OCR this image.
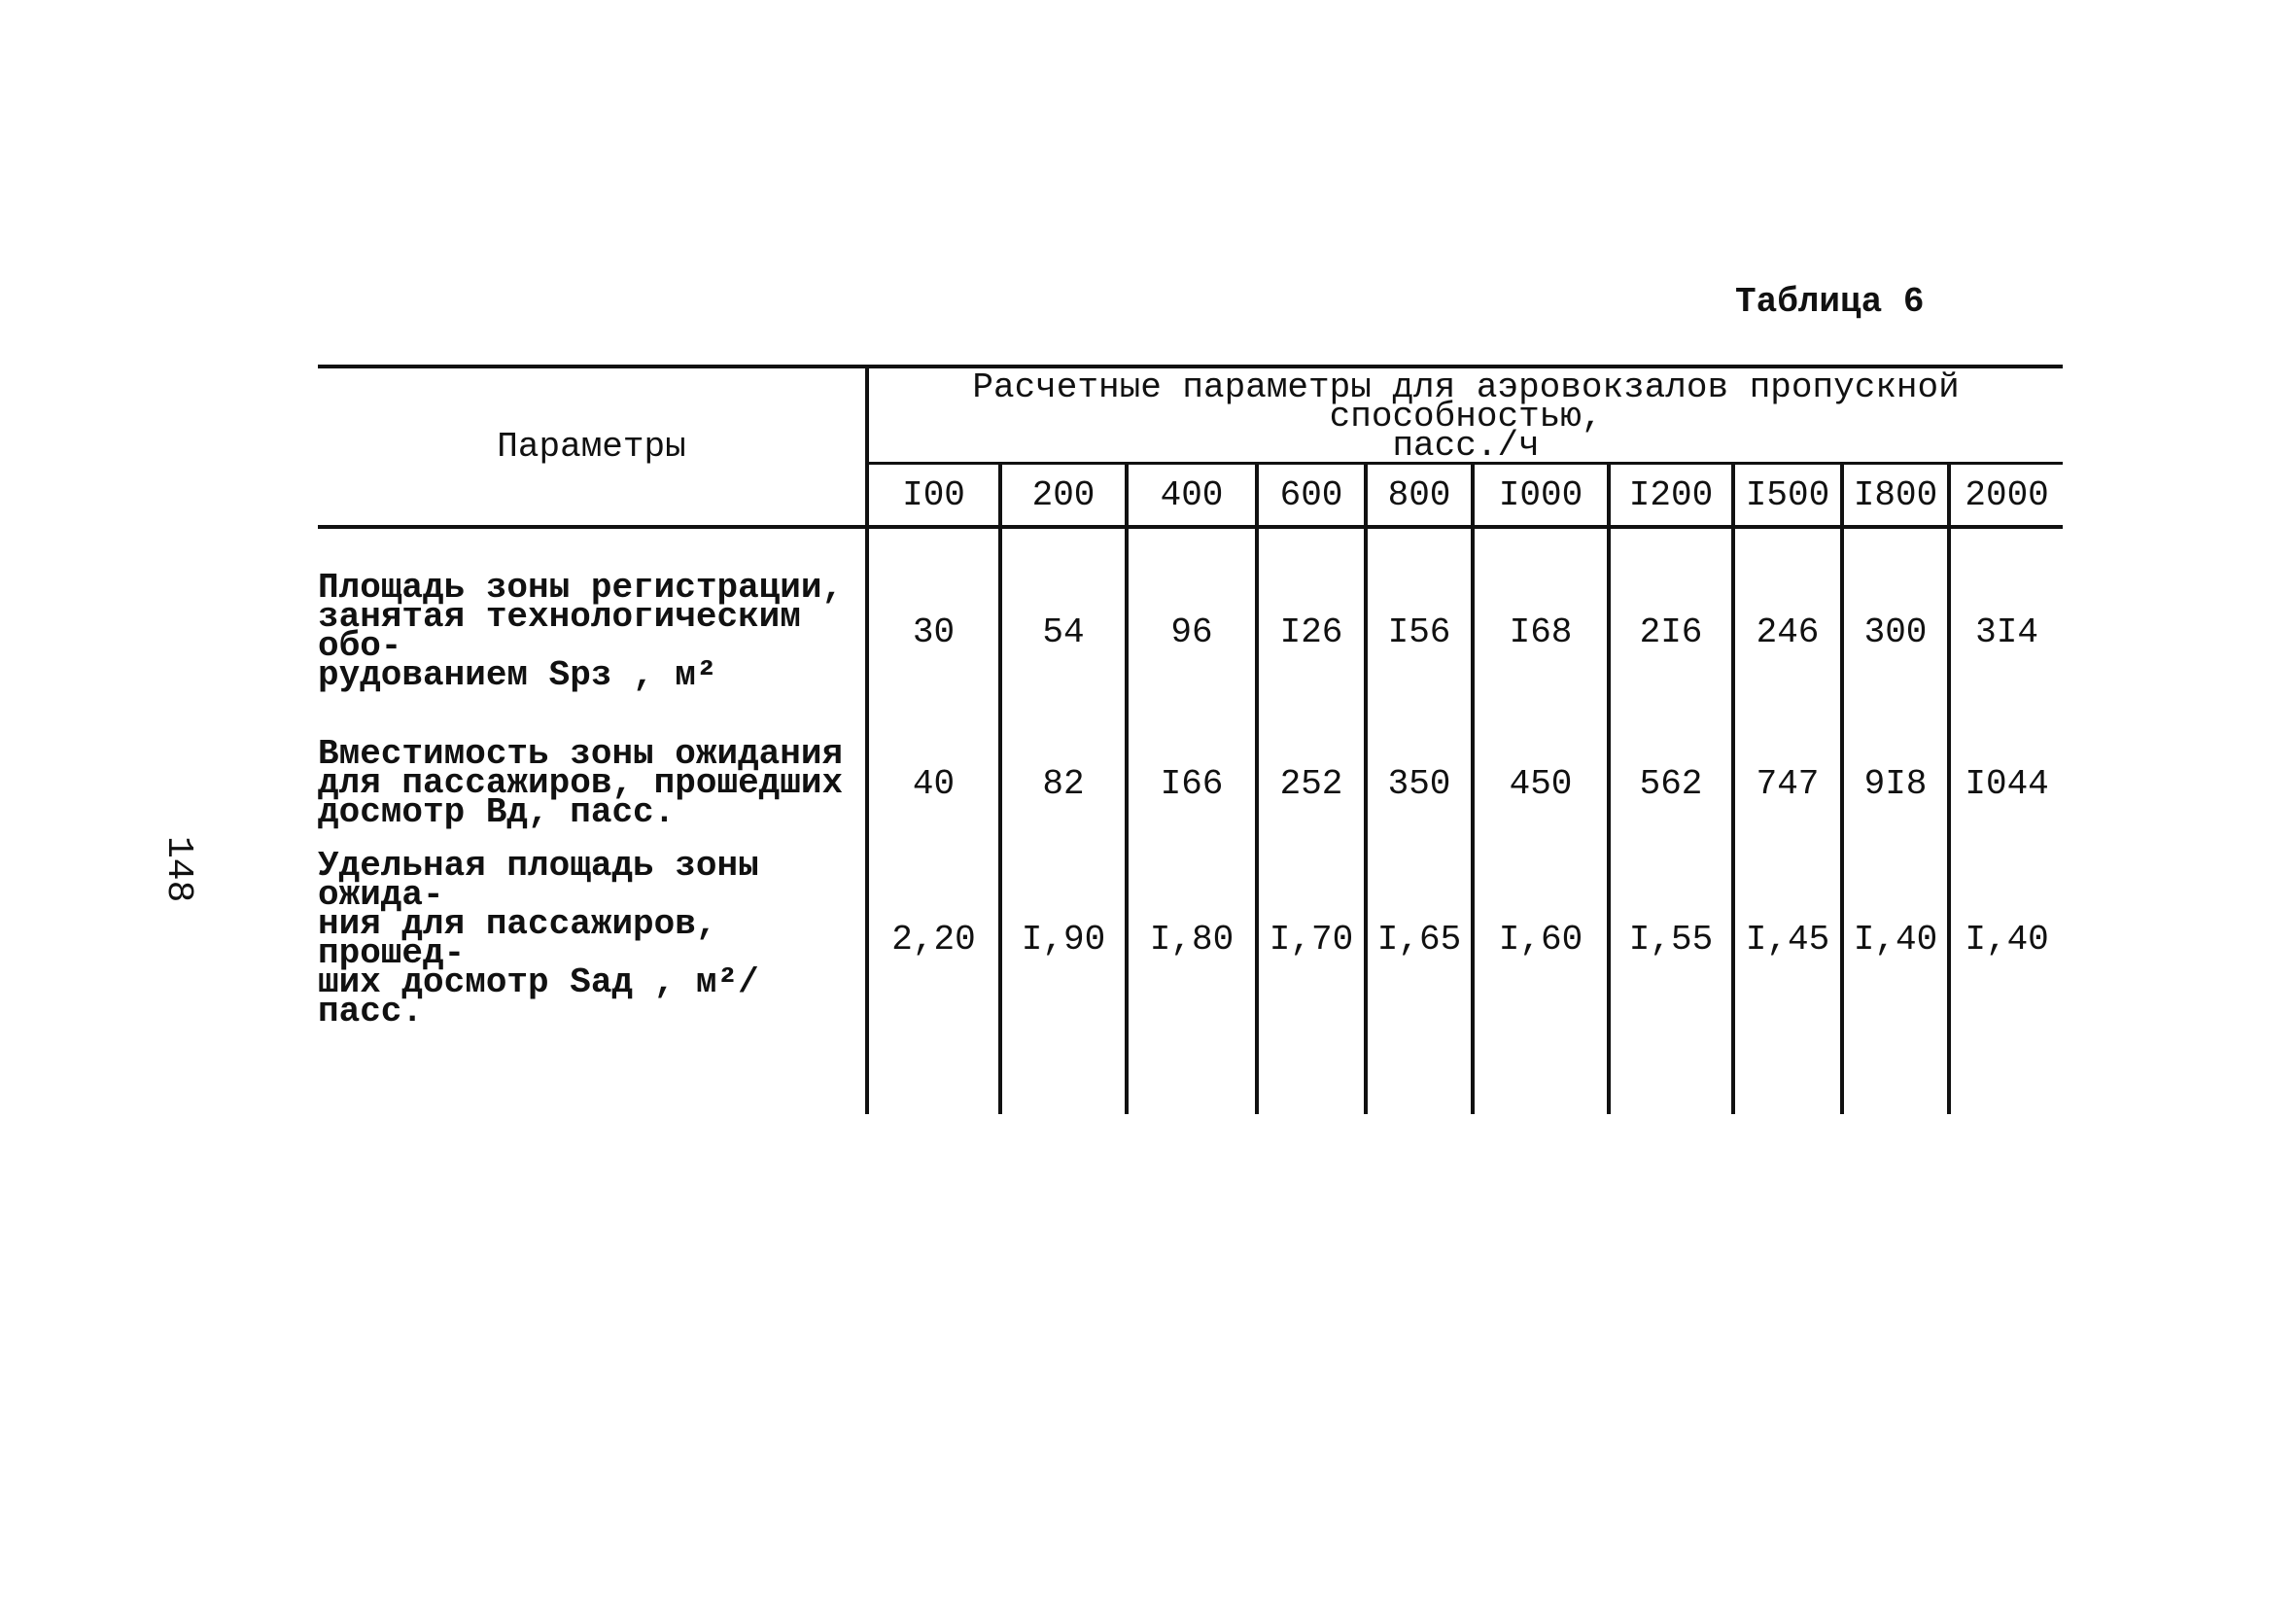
148
Таблица 6
Параметры	Расчетные параметры для аэровокзалов пропускной способностью,
пасс./ч									

	I00	200	400	600	800	I000	I200	I500	I800	2000

Площадь зоны регистрации,
занятая технологическим обо-
рудованием Sрз , м²	30	54	96	I26	I56	I68	2I6	246	300	3I4

Вместимость зоны ожидания
для пассажиров, прошедших
досмотр Вд, пасс.	40	82	I66	252	350	450	562	747	9I8	I044

Удельная площадь зоны ожида-
ния для пассажиров, прошед-
ших досмотр Sад , м²/пасс.	2,20	I,90	I,80	I,70	I,65	I,60	I,55	I,45	I,40	I,40
